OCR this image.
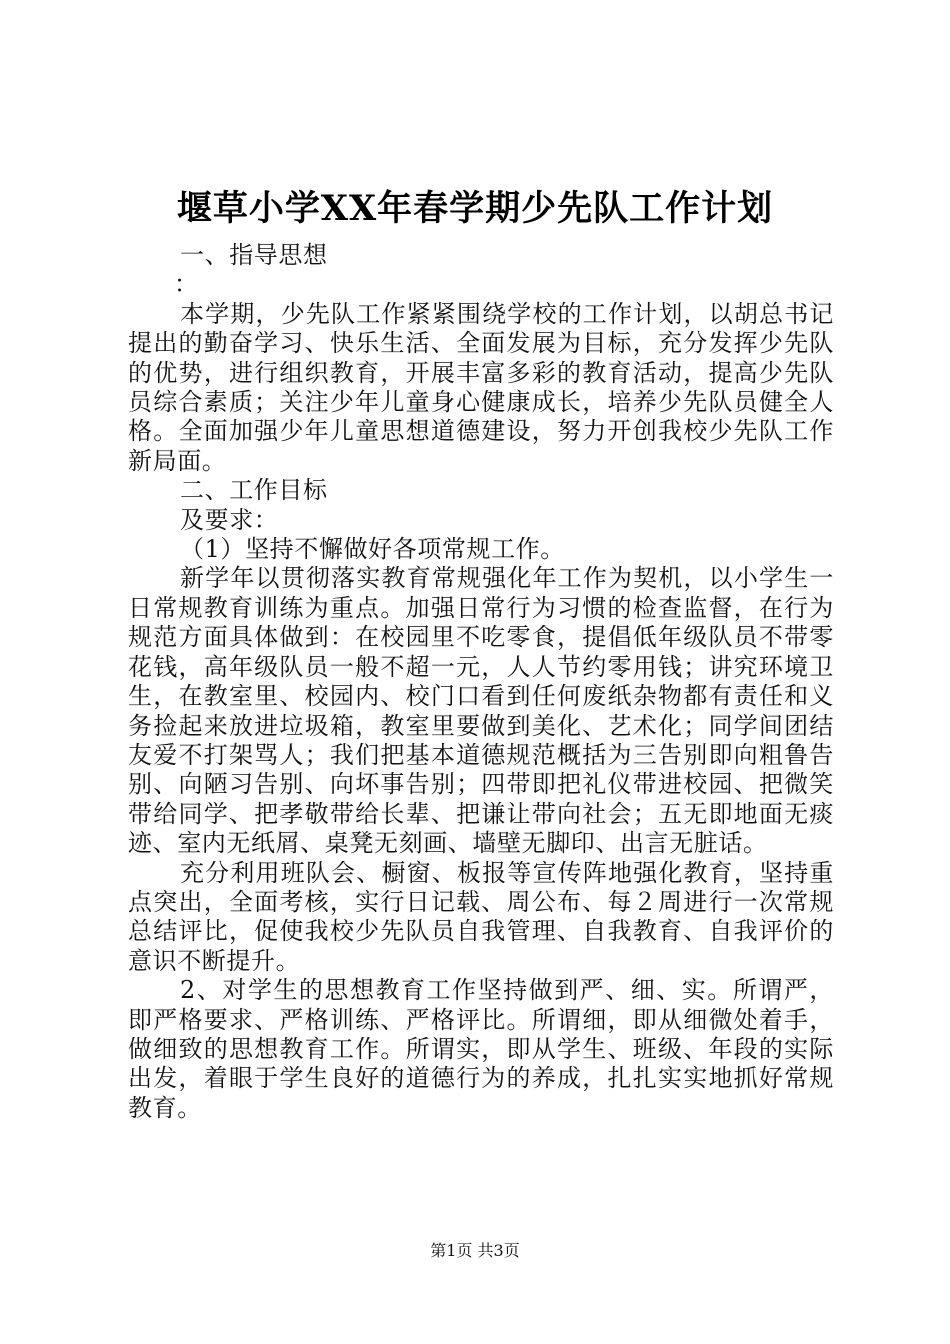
堰草小学XX年春学期少先队工作计划

一、指导思想

：

本学期，少先队工作紧紧围绕学校的工作计划，以胡总书记提出的勤奋学习、快乐生活、全面发展为目标，充分发挥少先队的优势，进行组织教育，开展丰富多彩的教育活动，提高少先队员综合素质；关注少年儿童身心健康成长，培养少先队员健全人格。全面加强少年儿童思想道德建设，努力开创我校少先队工作新局面。

二、工作目标

及要求：

（1）坚持不懈做好各项常规工作。

新学年以贯彻落实教育常规强化年工作为契机，以小学生一日常规教育训练为重点。加强日常行为习惯的检查监督，在行为规范方面具体做到：在校园里不吃零食，提倡低年级队员不带零花钱，高年级队员一般不超一元，人人节约零用钱；讲究环境卫生，在教室里、校园内、校门口看到任何废纸杂物都有责任和义务捡起来放进垃圾箱，教室里要做到美化、艺术化；同学间团结友爱不打架骂人；我们把基本道德规范概括为三告别即向粗鲁告别、向陋习告别、向坏事告别；四带即把礼仪带进校园、把微笑带给同学、把孝敬带给长辈、把谦让带向社会；五无即地面无痰迹、室内无纸屑、桌凳无刻画、墙壁无脚印、出言无脏话。

充分利用班队会、橱窗、板报等宣传阵地强化教育，坚持重点突出，全面考核，实行日记载、周公布、每２周进行一次常规总结评比，促使我校少先队员自我管理、自我教育、自我评价的意识不断提升。

2、对学生的思想教育工作坚持做到严、细、实。所谓严，即严格要求、严格训练、严格评比。所谓细，即从细微处着手，做细致的思想教育工作。所谓实，即从学生、班级、年段的实际出发，着眼于学生良好的道德行为的养成，扎扎实实地抓好常规教育。

第1页 共3页
